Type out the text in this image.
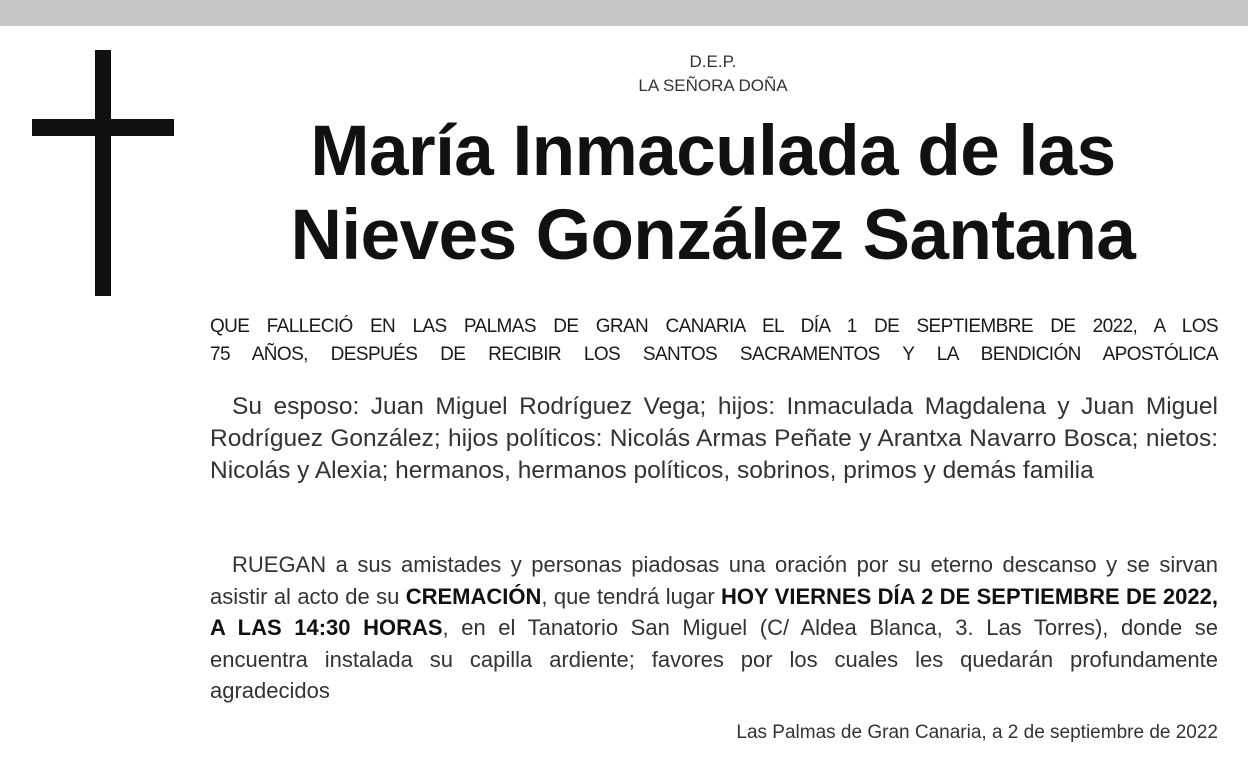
D.E.P.
LA SEÑORA DOÑA
María Inmaculada de las
Nieves González Santana
QUE FALLECIÓ EN LAS PALMAS DE GRAN CANARIA EL DÍA 1 DE SEPTIEMBRE DE 2022, A LOS
75 AÑOS, DESPUÉS DE RECIBIR LOS SANTOS SACRAMENTOS Y LA BENDICIÓN APOSTÓLICA
Su esposo: Juan Miguel Rodríguez Vega; hijos: Inmaculada Magdalena y Juan Miguel Rodríguez González; hijos políticos: Nicolás Armas Peñate y Arantxa Navarro Bosca; nietos: Nicolás y Alexia; hermanos, hermanos políticos, sobrinos, primos y demás familia
RUEGAN a sus amistades y personas piadosas una oración por su eterno descanso y se sirvan asistir al acto de su CREMACIÓN, que tendrá lugar HOY VIERNES DÍA 2 DE SEPTIEMBRE DE 2022, A LAS 14:30 HORAS, en el Tanatorio San Miguel (C/ Aldea Blanca, 3. Las Torres), donde se encuentra instalada su capilla ardiente; favores por los cuales les quedarán profundamente agradecidos
Las Palmas de Gran Canaria, a 2 de septiembre de 2022
